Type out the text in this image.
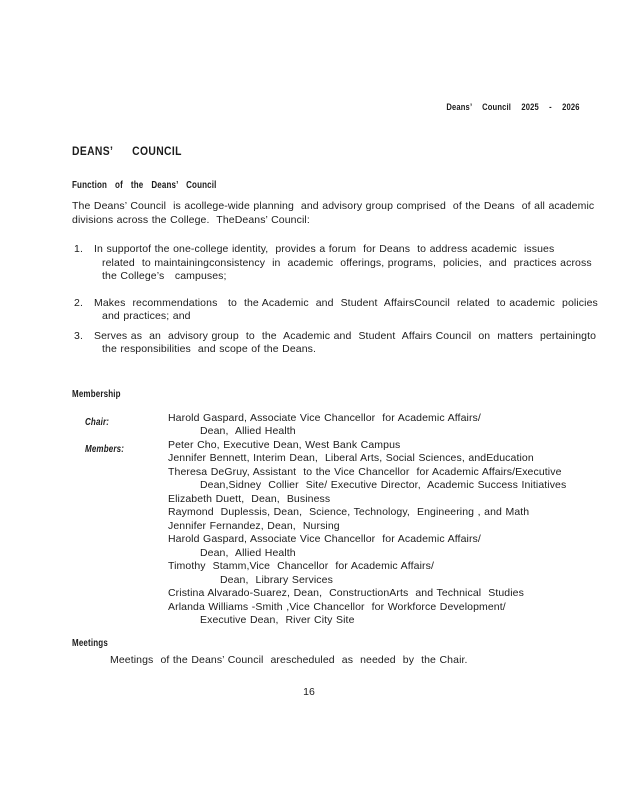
Deans’ Council 2025 - 2026
DEANS’ COUNCIL
Function of the Deans’ Council
The Deans’ Council  is acollege-wide planning  and advisory group comprised  of the Deans  of all academic
divisions across the College.  TheDeans’ Council:
1.	In supportof the one-college identity,  provides a forum  for Deans  to address academic  issues
related  to maintainingconsistency  in  academic  offerings, programs,  policies,  and  practices across
the College’s   campuses;
2.	Makes  recommendations   to  the Academic  and  Student  AffairsCouncil  related  to academic  policies
and practices; and
3.	Serves as  an  advisory group  to  the  Academic and  Student  Affairs Council  on  matters  pertainingto
the responsibilities  and scope of the Deans.
Membership
Chair:	Harold Gaspard, Associate Vice Chancellor  for Academic Affairs/
Dean,  Allied Health
Members:	Peter Cho, Executive Dean, West Bank Campus
Jennifer Bennett, Interim Dean,  Liberal Arts, Social Sciences, andEducation
Theresa DeGruy, Assistant  to the Vice Chancellor  for Academic Affairs/Executive
Dean,Sidney  Collier  Site/ Executive Director,  Academic Success Initiatives
Elizabeth Duett,  Dean,  Business
Raymond  Duplessis, Dean,  Science, Technology,  Engineering , and Math
Jennifer Fernandez, Dean,  Nursing
Harold Gaspard, Associate Vice Chancellor  for Academic Affairs/
Dean,  Allied Health
Timothy  Stamm,Vice  Chancellor  for Academic Affairs/
Dean,  Library Services
Cristina Alvarado-Suarez, Dean,  ConstructionArts  and Technical  Studies
Arlanda Williams -Smith ,Vice Chancellor  for Workforce Development/
Executive Dean,  River City Site
Meetings
Meetings  of the Deans’ Council  arescheduled  as  needed  by  the Chair.
16
